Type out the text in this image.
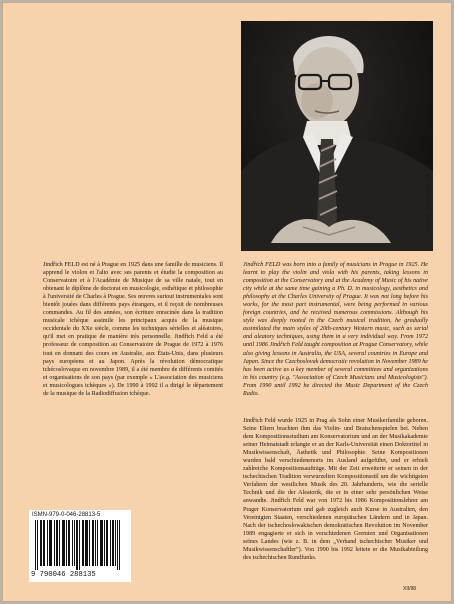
Photo: František TOTH

Jindřich FELD est né à Prague en 1925 dans une famille de musiciens. Il apprend le violon et l'alto avec ses parents et étudie la composition au Conservatoire et à l'Académie de Musique de sa ville natale, tout en obtenant le diplôme de doctorat en musicologie, esthétique et philosophie à l'université de Charles à Prague. Ses œuvres surtout instrumentales sont bientôt jouées dans différents pays étrangers, et il reçoit de nombreuses commandes. Au fil des années, son écriture enracinée dans la tradition musicale tchèque assimile les principaux acquis de la musique occidentale du XXe siècle, comme les techniques sérielles et aléatoires, qu'il met en pratique de manière très personnelle. Jindřich Feld a été professeur de composition au Conservatoire de Prague de 1972 à 1976 tout en donnant des cours en Australie, aux États-Unis, dans plusieurs pays européens et au Japon. Après la révolution démocratique tchécoslovaque en novembre 1989, il a été membre de différents comités et organisations de son pays (par exemple « L'association des musiciens et musicologues tchèques »). De 1990 à 1992 il a dirigé le département de la musique de la Radiodiffusion tchèque.

Jindřich FELD was born into a family of musicians in Prague in 1925. He learnt to play the violin and viola with his parents, taking lessons in composition at the Conservatory and at the Academy of Music of his native city while at the same time gaining a Ph. D. in musicology, aesthetics and philosophy at the Charles University of Prague. It was not long before his works, for the most part instrumental, were being performed in various foreign countries, and he received numerous commissions. Although his style was deeply rooted in the Czech musical tradition, he gradually assimilated the main styles of 20th-century Western music, such as serial and aleatory techniques, using them in a very individual way. From 1972 until 1986 Jindřich Feld taught composition at Prague Conservatory, while also giving lessons in Australia, the USA, several countries in Europe and Japan. Since the Czechoslovak democratic revolution in November 1989 he has been active as a key member of several committees and organizations in his country (e.g. "Association of Czech Musicians and Musicologists"). From 1990 until 1992 he directed the Music Department of the Czech Radio.

Jindřich Feld wurde 1925 in Prag als Sohn einer Musikerfamilie geboren. Seine Eltern brachten ihm das Violin- und Bratschenspielen bei. Neben dem Kompositionsstudium am Konservatorium und an der Musikakademie seiner Heimatstadt erlangte er an der Karls-Universität einen Doktortitel in Musikwissenschaft, Ästhetik und Philosophie. Seine Kompositionen wurden bald verschiedenenorts im Ausland aufgeführt, und er erhielt zahlreiche Kompositionsaufträge. Mit der Zeit erweiterte er seinen in der tschechischen Tradition verwurzelten Kompositionsstil um die wichtigsten Verfahren der westlichen Musik des 20. Jahrhunderts, wie die serielle Technik und die der Aleatorik, die er in einer sehr persönlichen Weise anwandte. Jindřich Feld war von 1972 bis 1986 Kompositionslehrer am Prager Konservatorium und gab zugleich auch Kurse in Australien, den Vereinigten Staaten, verschiedenen europäischen Ländern und in Japan. Nach der tschechoslowakischen demokratischen Revolution im November 1989 engagierte er sich in verschiedenen Gremien und Organisationen seines Landes (wie z. B. in dem „Verband tschechischer Musiker und Musikwissenschaftler"). Von 1990 bis 1992 leitete er die Musikabteilung des tschechischen Rundfunks.

ISMN-979-0-046-28813-5
9 790046 288135
XII/98
